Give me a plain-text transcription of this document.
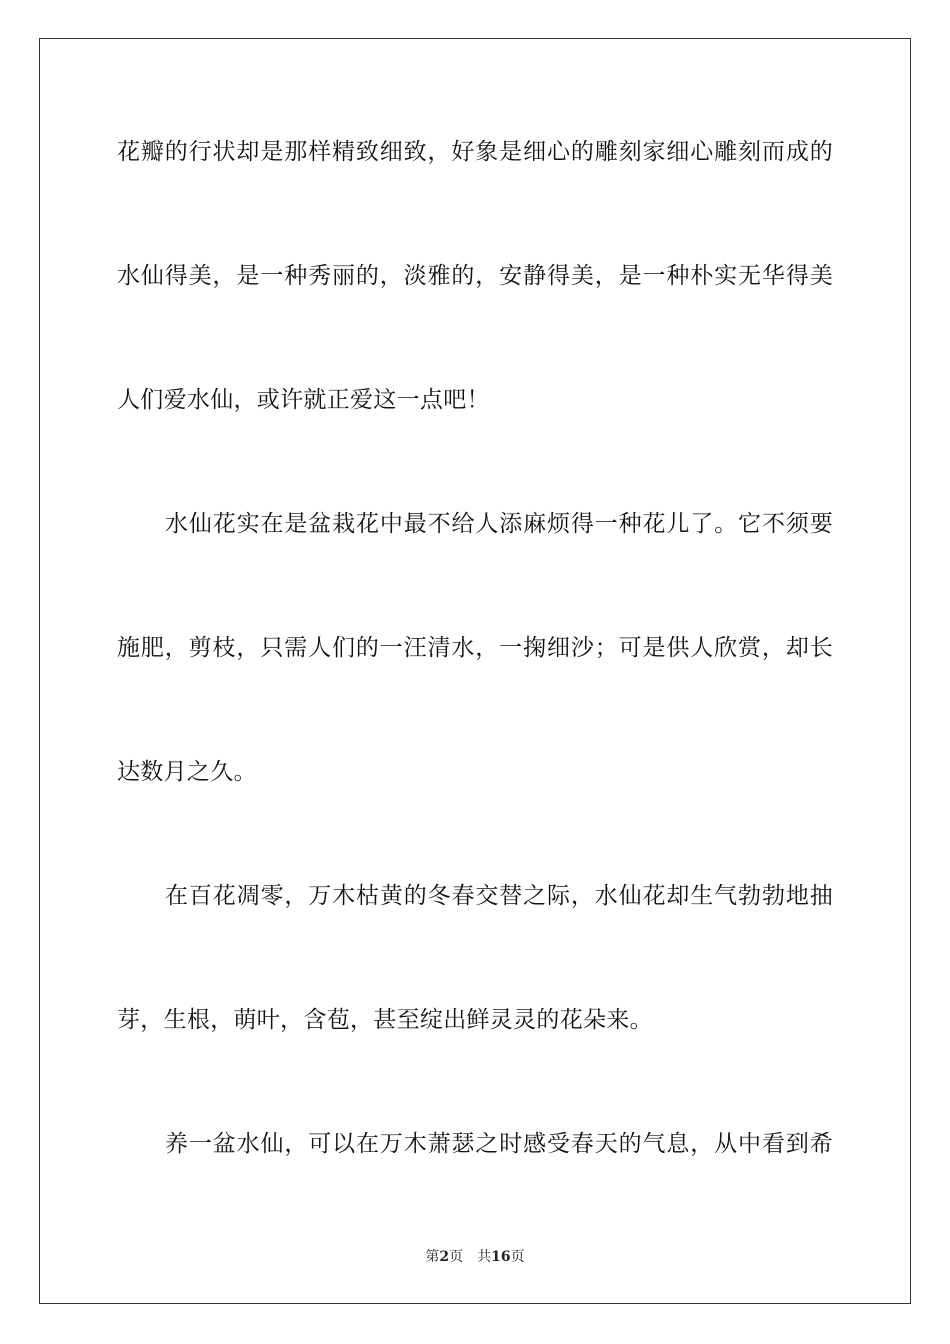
花瓣的行状却是那样精致细致，好象是细心的雕刻家细心雕刻而成的
水仙得美，是一种秀丽的，淡雅的，安静得美，是一种朴实无华得美
人们爱水仙，或许就正爱这一点吧！
水仙花实在是盆栽花中最不给人添麻烦得一种花儿了。它不须要
施肥，剪枝，只需人们的一汪清水，一掬细沙；可是供人欣赏，却长
达数月之久。
在百花凋零，万木枯黄的冬春交替之际，水仙花却生气勃勃地抽
芽，生根，萌叶，含苞，甚至绽出鲜灵灵的花朵来。
养一盆水仙，可以在万木萧瑟之时感受春天的气息，从中看到希
第2页 共16页
